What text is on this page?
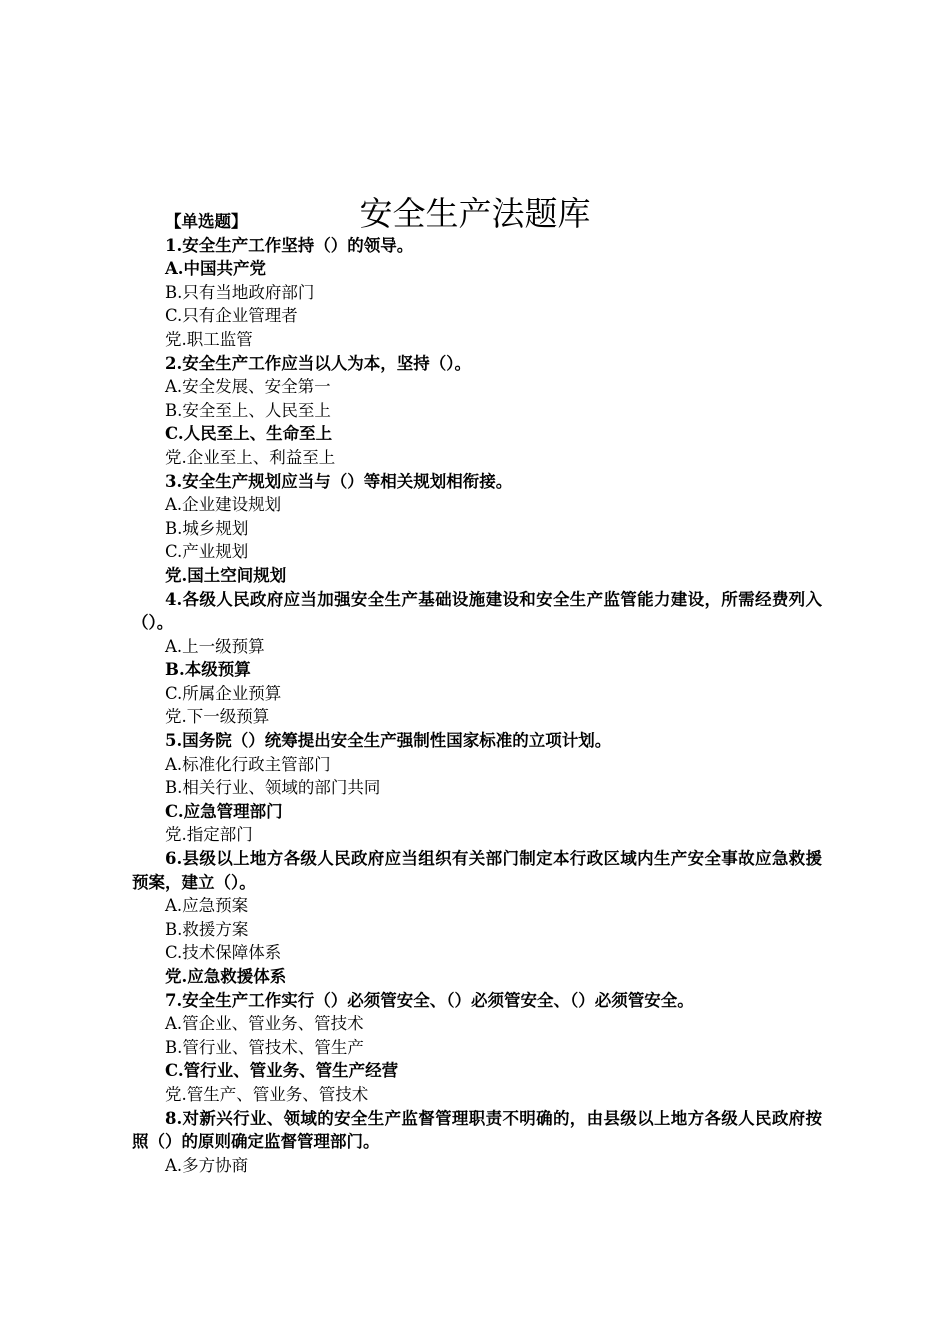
安全生产法题库

【单选题】

1.安全生产工作坚持（）的领导。

A.中国共产党

B.只有当地政府部门

C.只有企业管理者

党.职工监管

2.安全生产工作应当以人为本，坚持（）。

A.安全发展、安全第一

B.安全至上、人民至上

C.人民至上、生命至上

党.企业至上、利益至上

3.安全生产规划应当与（）等相关规划相衔接。

A.企业建设规划

B.城乡规划

C.产业规划

党.国土空间规划

4.各级人民政府应当加强安全生产基础设施建设和安全生产监管能力建设，所需经费列入（）。

A.上一级预算

B.本级预算

C.所属企业预算

党.下一级预算

5.国务院（）统筹提出安全生产强制性国家标准的立项计划。

A.标准化行政主管部门

B.相关行业、领域的部门共同

C.应急管理部门

党.指定部门

6.县级以上地方各级人民政府应当组织有关部门制定本行政区域内生产安全事故应急救援预案，建立（）。

A.应急预案

B.救援方案

C.技术保障体系

党.应急救援体系

7.安全生产工作实行（）必须管安全、（）必须管安全、（）必须管安全。

A.管企业、管业务、管技术

B.管行业、管技术、管生产

C.管行业、管业务、管生产经营

党.管生产、管业务、管技术

8.对新兴行业、领域的安全生产监督管理职责不明确的，由县级以上地方各级人民政府按照（）的原则确定监督管理部门。

A.多方协商
